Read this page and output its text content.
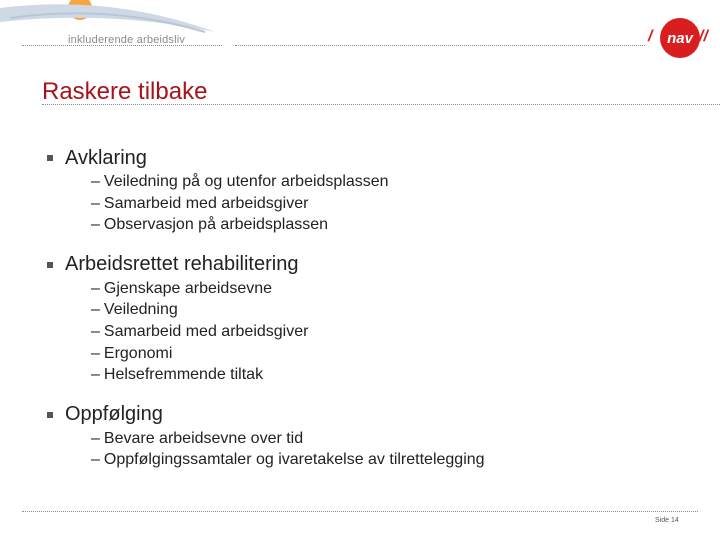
inkluderende arbeidsliv	/ nav //
Raskere tilbake
Avklaring
– Veiledning på og utenfor arbeidsplassen
– Samarbeid med arbeidsgiver
– Observasjon på arbeidsplassen
Arbeidsrettet rehabilitering
– Gjenskape arbeidsevne
– Veiledning
– Samarbeid med arbeidsgiver
– Ergonomi
– Helsefremmende tiltak
Oppfølging
– Bevare arbeidsevne over tid
– Oppfølgingssamtaler og ivaretakelse av tilrettelegging
Side 14
